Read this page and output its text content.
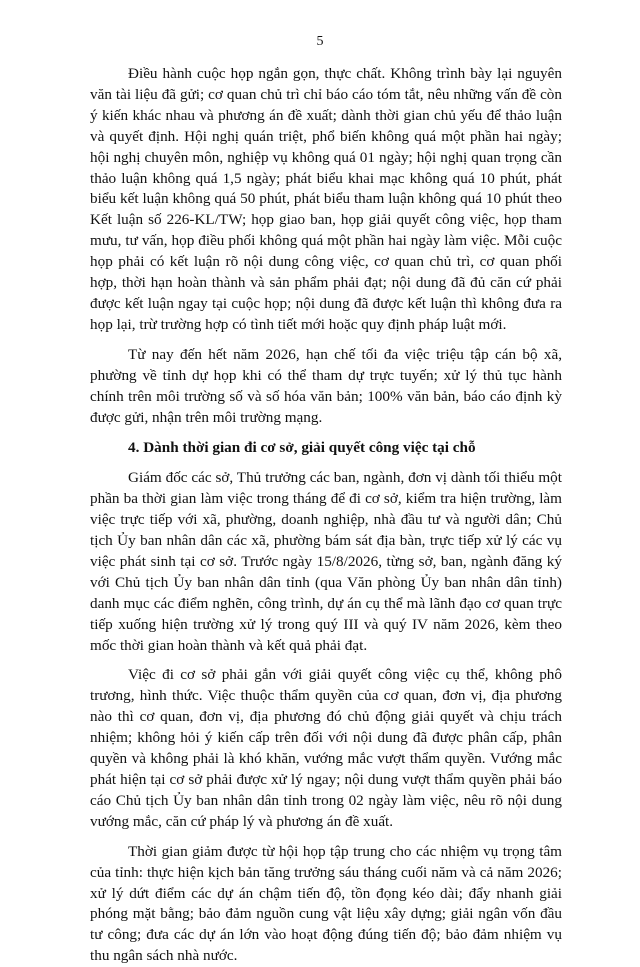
5

Điều hành cuộc họp ngắn gọn, thực chất. Không trình bày lại nguyên văn tài liệu đã gửi; cơ quan chủ trì chỉ báo cáo tóm tắt, nêu những vấn đề còn ý kiến khác nhau và phương án đề xuất; dành thời gian chủ yếu để thảo luận và quyết định. Hội nghị quán triệt, phổ biến không quá một phần hai ngày; hội nghị chuyên môn, nghiệp vụ không quá 01 ngày; hội nghị quan trọng cần thảo luận không quá 1,5 ngày; phát biểu khai mạc không quá 10 phút, phát biểu kết luận không quá 50 phút, phát biểu tham luận không quá 10 phút theo Kết luận số 226-KL/TW; họp giao ban, họp giải quyết công việc, họp tham mưu, tư vấn, họp điều phối không quá một phần hai ngày làm việc. Mỗi cuộc họp phải có kết luận rõ nội dung công việc, cơ quan chủ trì, cơ quan phối hợp, thời hạn hoàn thành và sản phẩm phải đạt; nội dung đã đủ căn cứ phải được kết luận ngay tại cuộc họp; nội dung đã được kết luận thì không đưa ra họp lại, trừ trường hợp có tình tiết mới hoặc quy định pháp luật mới.

Từ nay đến hết năm 2026, hạn chế tối đa việc triệu tập cán bộ xã, phường về tỉnh dự họp khi có thể tham dự trực tuyến; xử lý thủ tục hành chính trên môi trường số và số hóa văn bản; 100% văn bản, báo cáo định kỳ được gửi, nhận trên môi trường mạng.

4. Dành thời gian đi cơ sở, giải quyết công việc tại chỗ

Giám đốc các sở, Thủ trưởng các ban, ngành, đơn vị dành tối thiểu một phần ba thời gian làm việc trong tháng để đi cơ sở, kiểm tra hiện trường, làm việc trực tiếp với xã, phường, doanh nghiệp, nhà đầu tư và người dân; Chủ tịch Ủy ban nhân dân các xã, phường bám sát địa bàn, trực tiếp xử lý các vụ việc phát sinh tại cơ sở. Trước ngày 15/8/2026, từng sở, ban, ngành đăng ký với Chủ tịch Ủy ban nhân dân tỉnh (qua Văn phòng Ủy ban nhân dân tỉnh) danh mục các điểm nghẽn, công trình, dự án cụ thể mà lãnh đạo cơ quan trực tiếp xuống hiện trường xử lý trong quý III và quý IV năm 2026, kèm theo mốc thời gian hoàn thành và kết quả phải đạt.

Việc đi cơ sở phải gắn với giải quyết công việc cụ thể, không phô trương, hình thức. Việc thuộc thẩm quyền của cơ quan, đơn vị, địa phương nào thì cơ quan, đơn vị, địa phương đó chủ động giải quyết và chịu trách nhiệm; không hỏi ý kiến cấp trên đối với nội dung đã được phân cấp, phân quyền và không phải là khó khăn, vướng mắc vượt thẩm quyền. Vướng mắc phát hiện tại cơ sở phải được xử lý ngay; nội dung vượt thẩm quyền phải báo cáo Chủ tịch Ủy ban nhân dân tỉnh trong 02 ngày làm việc, nêu rõ nội dung vướng mắc, căn cứ pháp lý và phương án đề xuất.

Thời gian giảm được từ hội họp tập trung cho các nhiệm vụ trọng tâm của tỉnh: thực hiện kịch bản tăng trưởng sáu tháng cuối năm và cả năm 2026; xử lý dứt điểm các dự án chậm tiến độ, tồn đọng kéo dài; đẩy nhanh giải phóng mặt bằng; bảo đảm nguồn cung vật liệu xây dựng; giải ngân vốn đầu tư công; đưa các dự án lớn vào hoạt động đúng tiến độ; bảo đảm nhiệm vụ thu ngân sách nhà nước.
